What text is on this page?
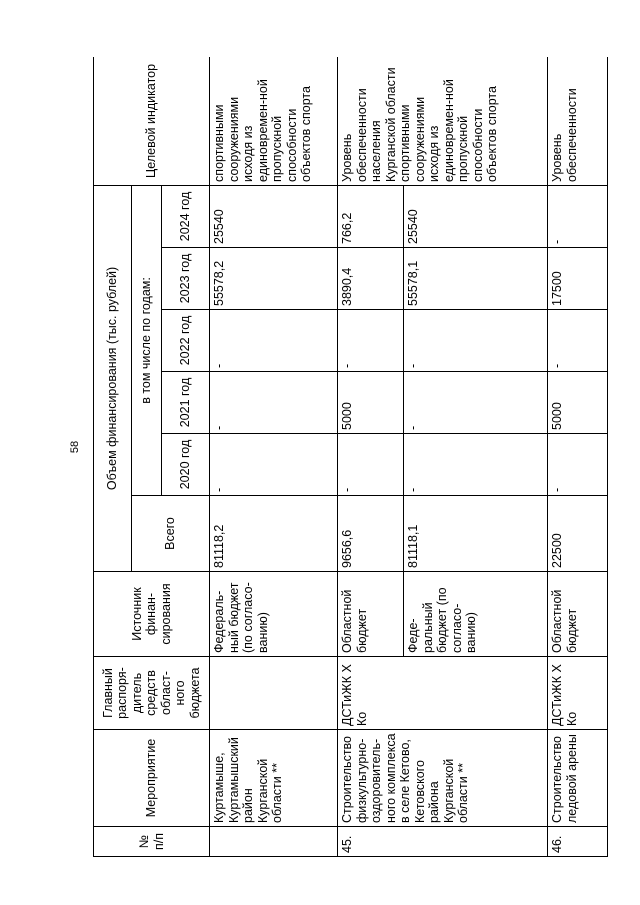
58
№ п/п	Мероприятие	Главный распоря-дитель средств област-ного бюджета	Источник финан-сирования	Объем финансирования (тыс. рублей)						Целевой индикатор
				Всего	в том числе по годам:					
					2020 год	2021 год	2022 год	2023 год	2024 год	
	Куртамыше, Куртамышский район Курганской области **		Федераль-ный бюджет (по согласо-ванию)	81118,2	-	-	-	55578,2	25540	спортивными сооружениями исходя из единовремен-ной пропускной способности объектов спорта
45.	Строительство физкультурно-оздоровитель-ного комплекса в селе Кетово, Кетовского района Курганской области **	ДСТиЖК Х Ко	Областной бюджет	9656,6	-	5000	-	3890,4	766,2	Уровень обеспеченности населения Курганской области спортивными сооружениями исходя из единовремен-ной пропускной способности объектов спорта
			Феде-ральный бюджет (по согласо-ванию)	81118,1	-	-	-	55578,1	25540	
46.	Строительство ледовой арены	ДСТиЖК Х Ко	Областной бюджет	22500	-	5000	-	17500	-	Уровень обеспеченности
